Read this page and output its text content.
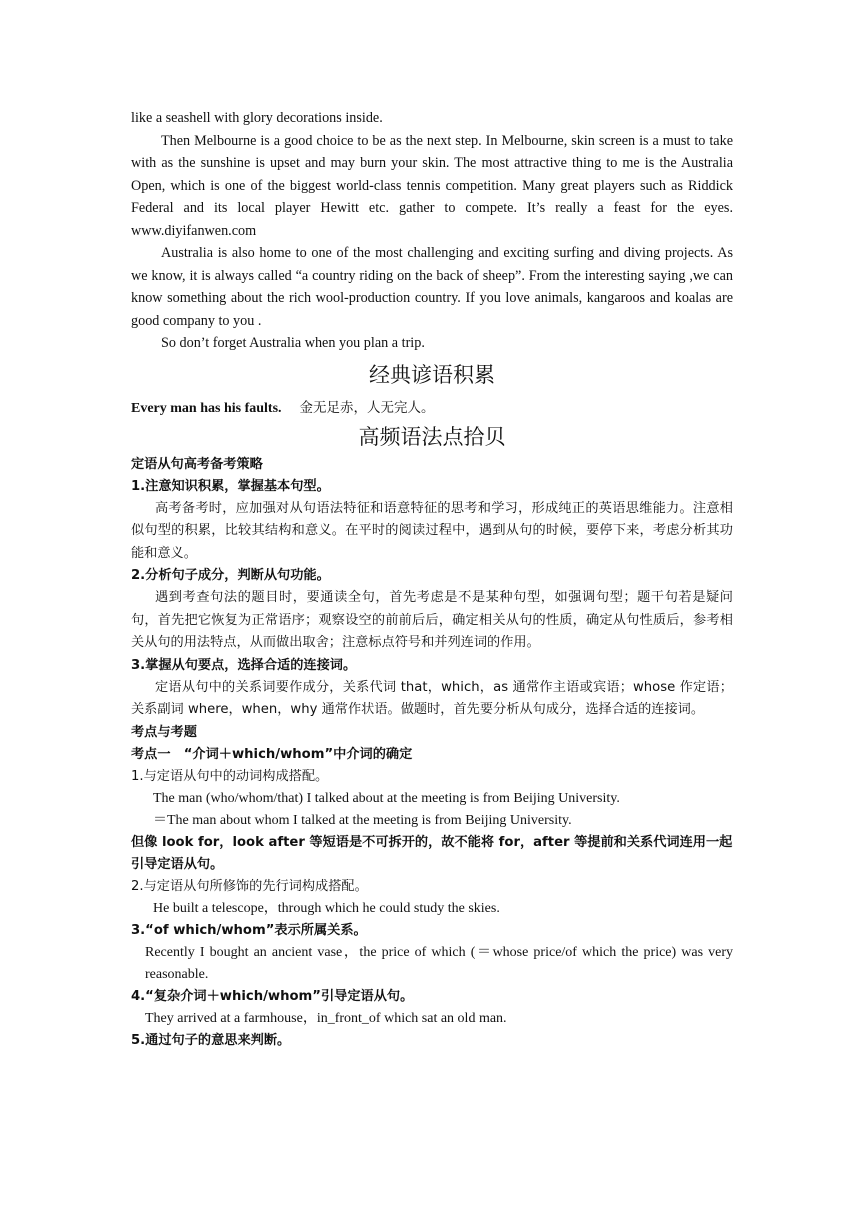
like a seashell with glory decorations inside.

Then Melbourne is a good choice to be as the next step. In Melbourne, skin screen is a must to take with as the sunshine is upset and may burn your skin. The most attractive thing to me is the Australia Open, which is one of the biggest world-class tennis competition. Many great players such as Riddick Federal and its local player Hewitt etc. gather to compete. It’s really a feast for the eyes. www.diyifanwen.com

Australia is also home to one of the most challenging and exciting surfing and diving projects. As we know, it is always called “a country riding on the back of sheep”. From the interesting saying ,we can know something about the rich wool-production country. If you love animals, kangaroos and koalas are good company to you .

So don’t forget Australia when you plan a trip.

经典谚语积累

Every man has his faults. 金无足赤，人无完人。

高频语法点拾贝

定语从句高考备考策略

1.注意知识积累，掌握基本句型。

高考备考时，应加强对从句语法特征和语意特征的思考和学习，形成纯正的英语思维能力。注意相似句型的积累，比较其结构和意义。在平时的阅读过程中，遇到从句的时候，要停下来，考虑分析其功能和意义。

2.分析句子成分，判断从句功能。

遇到考查句法的题目时，要通读全句，首先考虑是不是某种句型，如强调句型；题干句若是疑问句，首先把它恢复为正常语序；观察设空的前前后后，确定相关从句的性质，确定从句性质后，参考相关从句的用法特点，从而做出取舍；注意标点符号和并列连词的作用。

3.掌握从句要点，选择合适的连接词。

定语从句中的关系词要作成分，关系代词 that，which，as 通常作主语或宾语；whose 作定语；关系副词 where，when，why 通常作状语。做题时，首先要分析从句成分，选择合适的连接词。

考点与考题

考点一　“介词＋which/whom”中介词的确定

1.与定语从句中的动词构成搭配。

The man (who/whom/that) I talked about at the meeting is from Beijing University.

＝The man about whom I talked at the meeting is from Beijing University.

但像 look for，look after 等短语是不可拆开的，故不能将 for，after 等提前和关系代词连用一起引导定语从句。

2.与定语从句所修饰的先行词构成搭配。

He built a telescope，through which he could study the skies.

3.“of which/whom”表示所属关系。

Recently I bought an ancient vase，the price of which (＝whose price/of which the price) was very reasonable.

4.“复杂介词＋which/whom”引导定语从句。

They arrived at a farmhouse，in_front_of which sat an old man.

5.通过句子的意思来判断。
